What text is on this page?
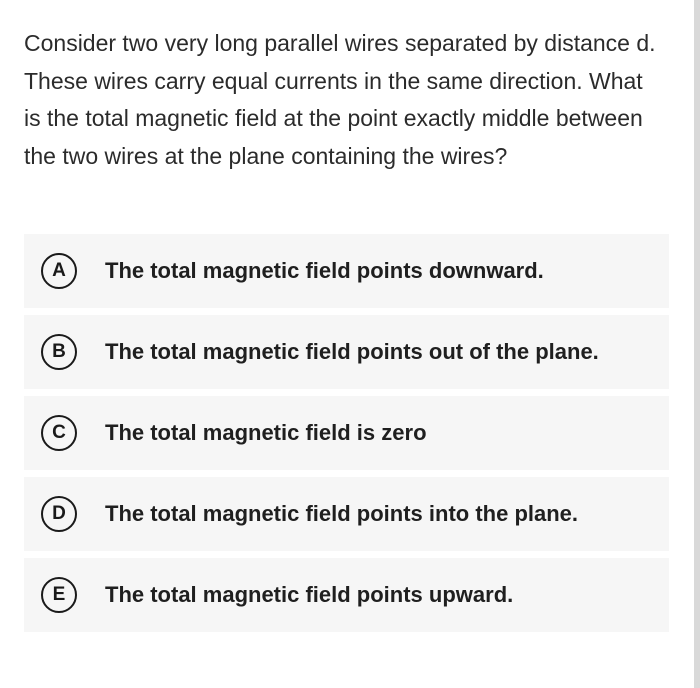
Consider two very long parallel wires separated by distance d. These wires carry equal currents in the same direction. What is the total magnetic field at the point exactly middle between the two wires at the plane containing the wires?

A	The total magnetic field points downward.
B	The total magnetic field points out of the plane.
C	The total magnetic field is zero
D	The total magnetic field points into the plane.
E	The total magnetic field points upward.
